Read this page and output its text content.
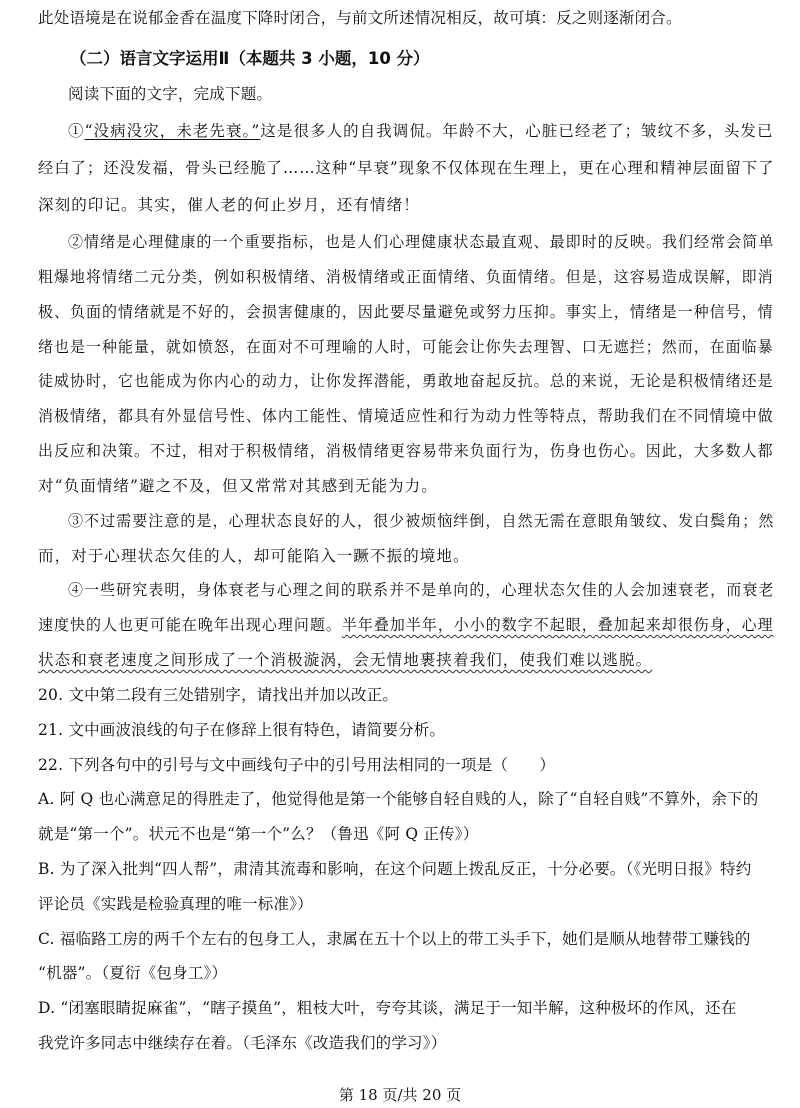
此处语境是在说郁金香在温度下降时闭合，与前文所述情况相反，故可填：反之则逐渐闭合。
（二）语言文字运用Ⅱ（本题共 3 小题，10 分）
阅读下面的文字，完成下题。
①“没病没灾，未老先衰。”这是很多人的自我调侃。年龄不大，心脏已经老了；皱纹不多，头发已
经白了；还没发福，骨头已经脆了……这种“早衰”现象不仅体现在生理上，更在心理和精神层面留下了
深刻的印记。其实，催人老的何止岁月，还有情绪！
②情绪是心理健康的一个重要指标，也是人们心理健康状态最直观、最即时的反映。我们经常会简单
粗爆地将情绪二元分类，例如积极情绪、消极情绪或正面情绪、负面情绪。但是，这容易造成误解，即消
极、负面的情绪就是不好的，会损害健康的，因此要尽量避免或努力压抑。事实上，情绪是一种信号，情
绪也是一种能量，就如愤怒，在面对不可理喻的人时，可能会让你失去理智、口无遮拦；然而，在面临暴
徒威协时，它也能成为你内心的动力，让你发挥潜能，勇敢地奋起反抗。总的来说，无论是积极情绪还是
消极情绪，都具有外显信号性、体内工能性、情境适应性和行为动力性等特点，帮助我们在不同情境中做
出反应和决策。不过，相对于积极情绪，消极情绪更容易带来负面行为，伤身也伤心。因此，大多数人都
对“负面情绪”避之不及，但又常常对其感到无能为力。
③不过需要注意的是，心理状态良好的人，很少被烦恼绊倒，自然无需在意眼角皱纹、发白鬓角；然
而，对于心理状态欠佳的人，却可能陷入一蹶不振的境地。
④一些研究表明，身体衰老与心理之间的联系并不是单向的，心理状态欠佳的人会加速衰老，而衰老
速度快的人也更可能在晚年出现心理问题。半年叠加半年，小小的数字不起眼，叠加起来却很伤身，心理
状态和衰老速度之间形成了一个消极漩涡，会无情地裹挟着我们，使我们难以逃脱。
20. 文中第二段有三处错别字，请找出并加以改正。
21. 文中画波浪线的句子在修辞上很有特色，请简要分析。
22. 下列各句中的引号与文中画线句子中的引号用法相同的一项是（　　）
A. 阿 Q 也心满意足的得胜走了，他觉得他是第一个能够自轻自贱的人，除了“自轻自贱”不算外，余下的
就是“第一个”。状元不也是“第一个”么？（鲁迅《阿 Q 正传》）
B. 为了深入批判“四人帮”，肃清其流毒和影响，在这个问题上拨乱反正，十分必要。（《光明日报》特约
评论员《实践是检验真理的唯一标准》）
C. 福临路工房的两千个左右的包身工人，隶属在五十个以上的带工头手下，她们是顺从地替带工赚钱的
“机器”。（夏衍《包身工》）
D. “闭塞眼睛捉麻雀”，“瞎子摸鱼”，粗枝大叶，夸夸其谈，满足于一知半解，这种极坏的作风，还在
我党许多同志中继续存在着。（毛泽东《改造我们的学习》）
第 18 页/共 20 页
